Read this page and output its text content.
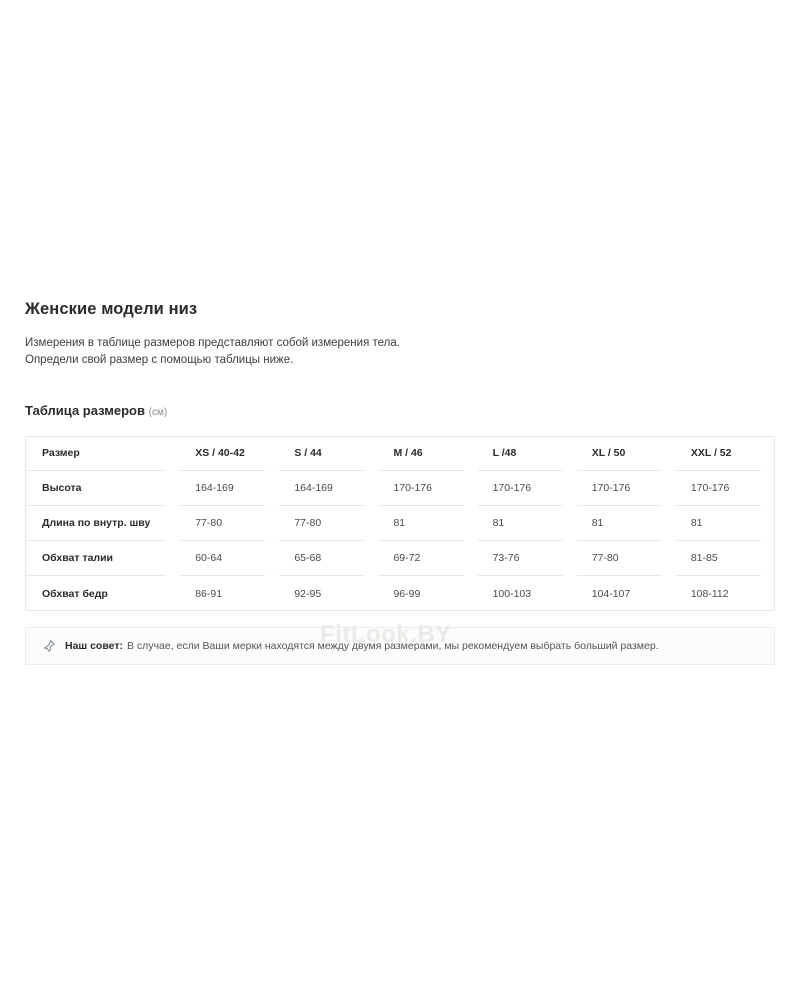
Женские модели низ
Измерения в таблице размеров представляют собой измерения тела.
Определи свой размер с помощью таблицы ниже.
Таблица размеров (см)
FitLook.BY
Размер	XS / 40-42	S / 44	M / 46	L /48	XL / 50	XXL / 52

Высота	164-169	164-169	170-176	170-176	170-176	170-176

Длина по внутр. шву	77-80	77-80	81	81	81	81

Обхват талии	60-64	65-68	69-72	73-76	77-80	81-85

Обхват бедр	86-91	92-95	96-99	100-103	104-107	108-112
Наш совет: В случае, если Ваши мерки находятся между двумя размерами, мы рекомендуем выбрать больший размер.
